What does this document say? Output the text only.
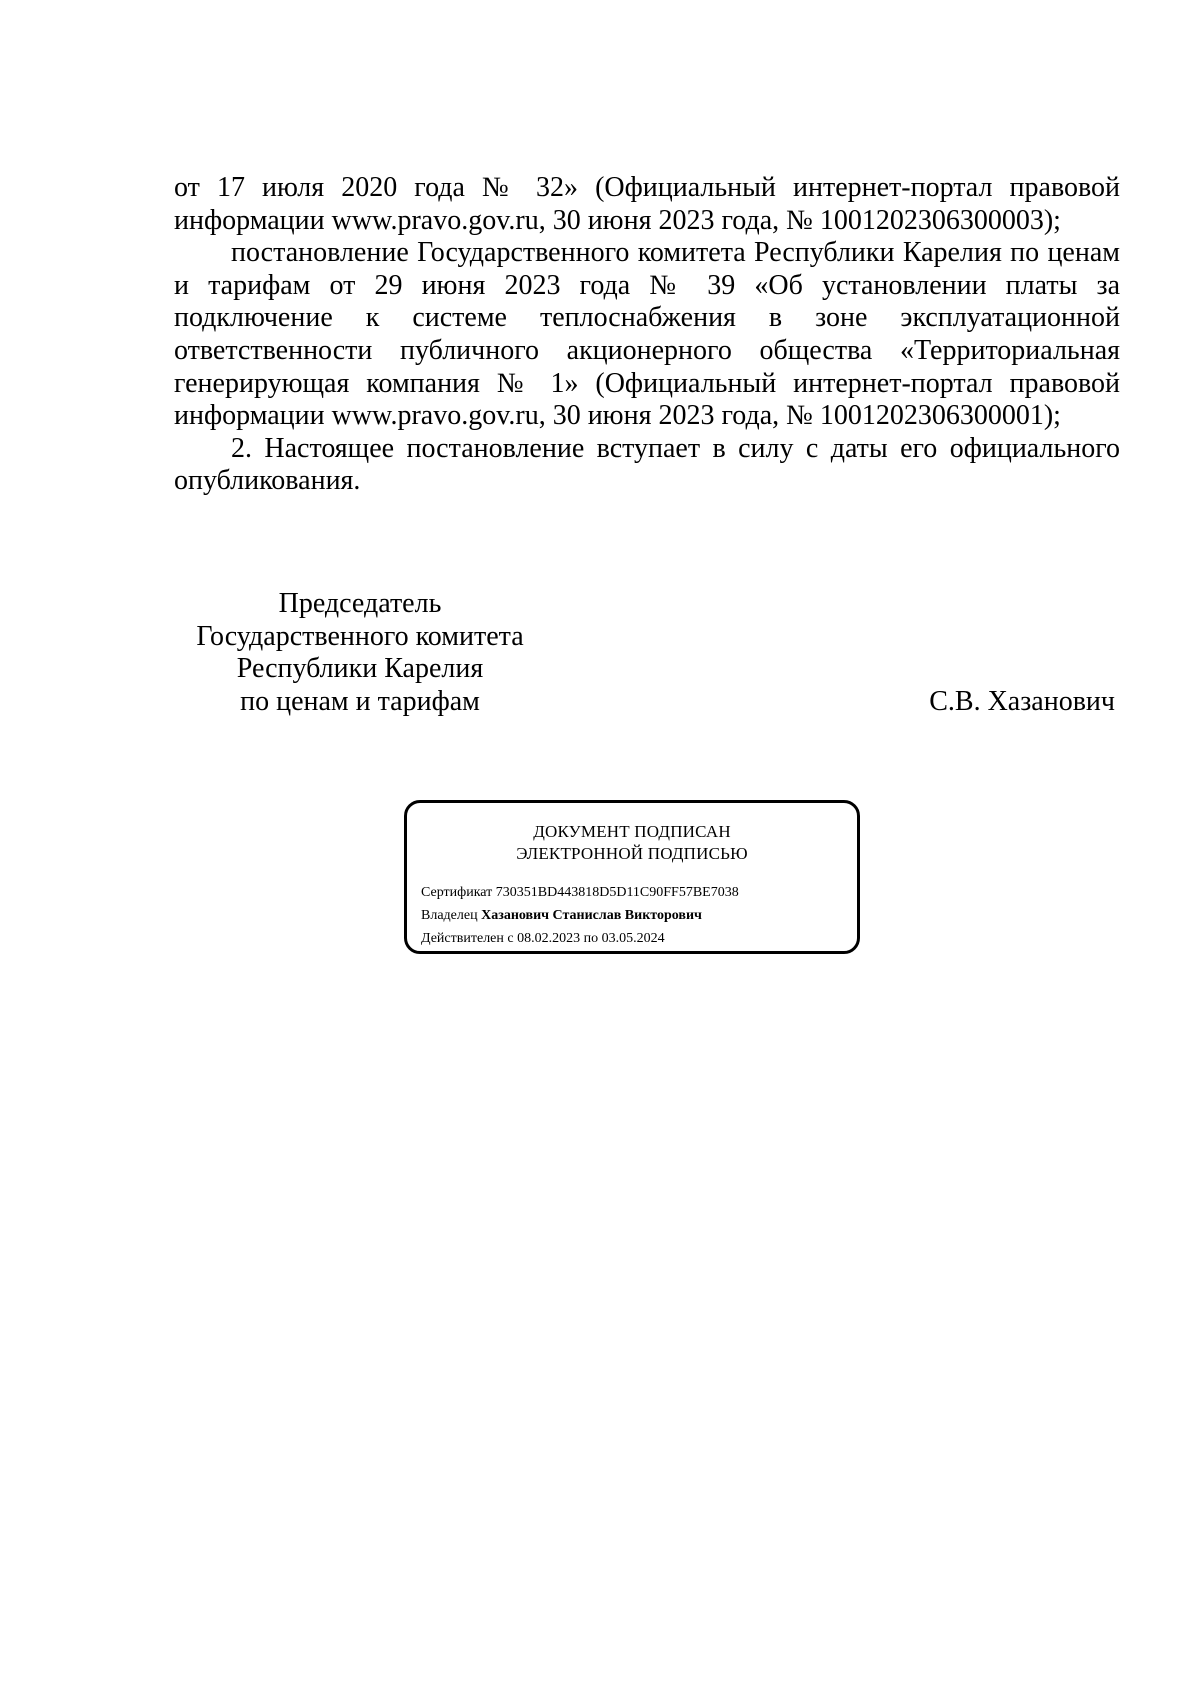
от 17 июля 2020 года № 32» (Официальный интернет-портал правовой информации www.pravo.gov.ru, 30 июня 2023 года, № 1001202306300003);

постановление Государственного комитета Республики Карелия по ценам и тарифам от 29 июня 2023 года № 39 «Об установлении платы за подключение к системе теплоснабжения в зоне эксплуатационной ответственности публичного акционерного общества «Территориальная генерирующая компания № 1» (Официальный интернет-портал правовой информации www.pravo.gov.ru, 30 июня 2023 года, № 1001202306300001);

2. Настоящее постановление вступает в силу с даты его официального опубликования.

Председатель
Государственного комитета
Республики Карелия
по ценам и тарифам	С.В. Хазанович
ДОКУМЕНТ ПОДПИСАН
ЭЛЕКТРОННОЙ ПОДПИСЬЮ
Сертификат 730351BD443818D5D11C90FF57BE7038
Владелец Хазанович Станислав Викторович
Действителен с 08.02.2023 по 03.05.2024
